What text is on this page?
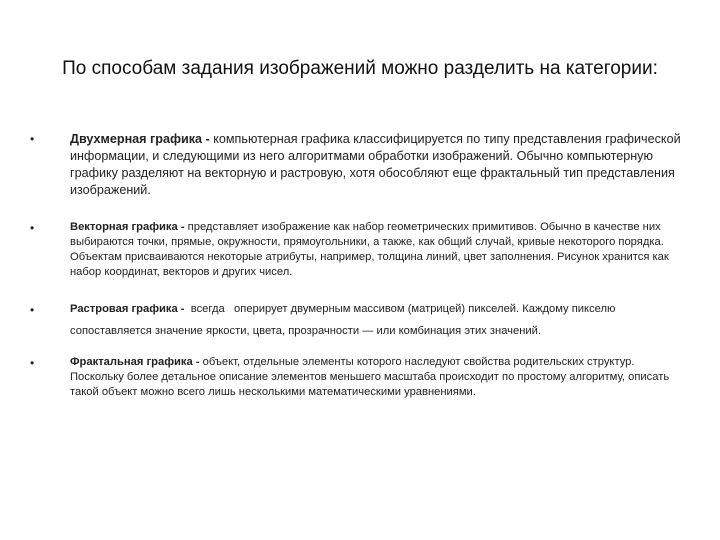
По способам задания изображений можно разделить на категории:
•	Двухмерная графика - компьютерная графика классифицируется по типу представления графической информации, и следующими из него алгоритмами обработки изображений. Обычно компьютерную графику разделяют на векторную и растровую, хотя обособляют еще фрактальный тип представления изображений.

•	Векторная графика - представляет изображение как набор геометрических примитивов. Обычно в качестве них выбираются точки, прямые, окружности, прямоугольники, а также, как общий случай, кривые некоторого порядка. Объектам присваиваются некоторые атрибуты, например, толщина линий, цвет заполнения. Рисунок хранится как набор координат, векторов и других чисел.

•	Растровая графика -  всегда   оперирует двумерным массивом (матрицей) пикселей. Каждому пикселю сопоставляется значение яркости, цвета, прозрачности — или комбинация этих значений.

•	Фрактальная графика - объект, отдельные элементы которого наследуют свойства родительских структур. Поскольку более детальное описание элементов меньшего масштаба происходит по простому алгоритму, описать такой объект можно всего лишь несколькими математическими уравнениями.
